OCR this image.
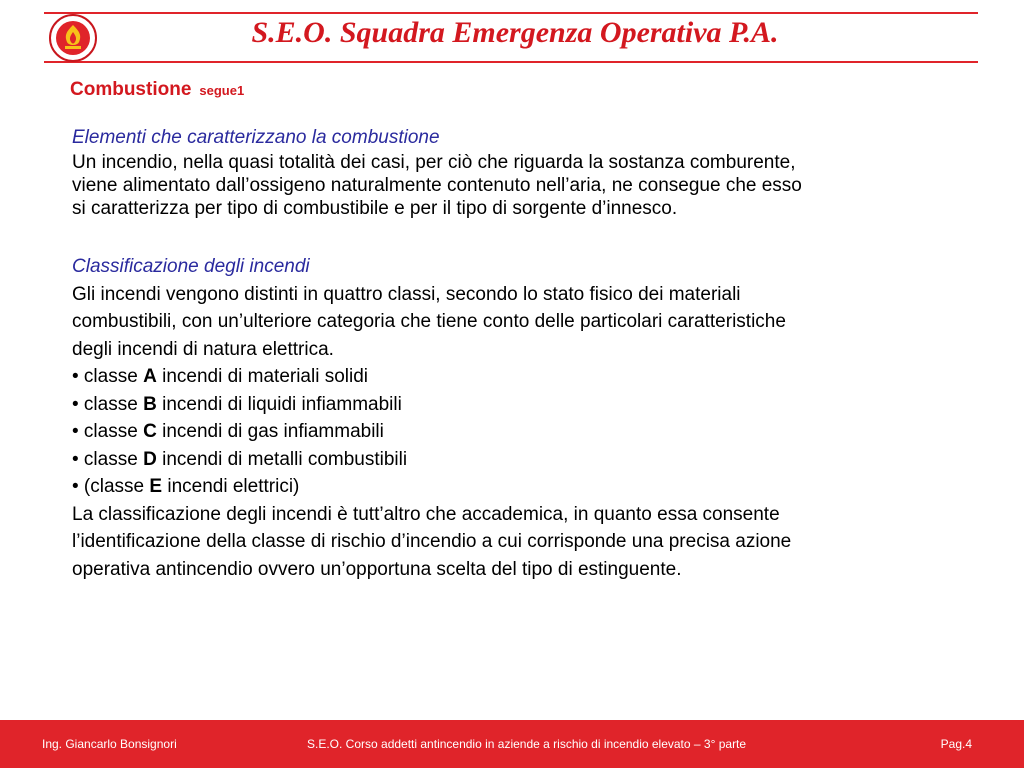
S.E.O. Squadra Emergenza Operativa P.A.
Combustione segue1

Elementi che caratterizzano la combustione

Un incendio, nella quasi totalità dei casi, per ciò che riguarda la sostanza comburente,

viene alimentato dall’ossigeno naturalmente contenuto nell’aria, ne consegue che esso

si caratterizza per tipo di combustibile e per il tipo di sorgente d’innesco.

Classificazione degli incendi

Gli incendi vengono distinti in quattro classi, secondo lo stato fisico dei materiali

combustibili, con un’ulteriore categoria che tiene conto delle particolari caratteristiche

degli incendi di natura elettrica.

• classe A incendi di materiali solidi

• classe B incendi di liquidi infiammabili

• classe C incendi di gas infiammabili

• classe D incendi di metalli combustibili

• (classe E incendi elettrici)

La classificazione degli incendi è tutt’altro che accademica, in quanto essa consente

l’identificazione della classe di rischio d’incendio a cui corrisponde una precisa azione

operativa antincendio ovvero un’opportuna scelta del tipo di estinguente.

Ing. Giancarlo Bonsignori	S.E.O. Corso addetti antincendio in aziende a rischio di incendio elevato – 3° parte	Pag.4
